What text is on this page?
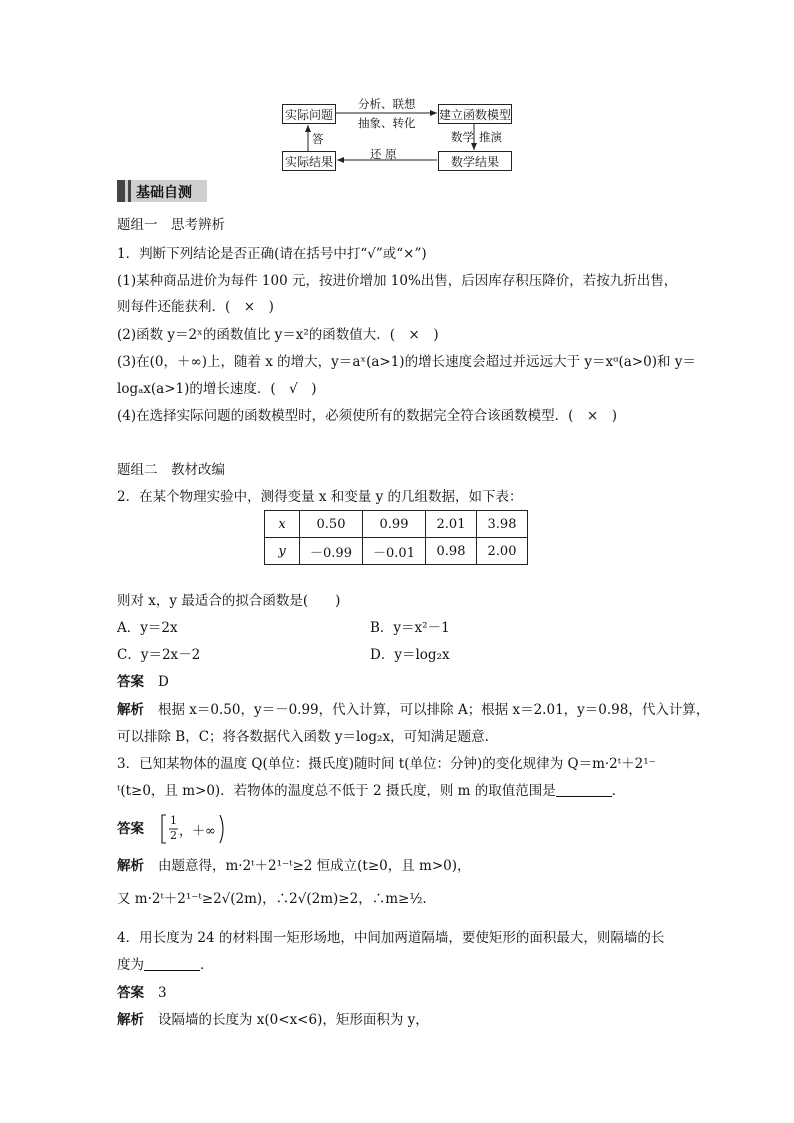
实际问题	建立函数模型
实际结果	数学结果
分析、联想
抽象、转化
数学 推演
答
还 原
基础自测
题组一　思考辨析
1．判断下列结论是否正确(请在括号中打“√”或“×”)
(1)某种商品进价为每件 100 元，按进价增加 10%出售，后因库存积压降价，若按九折出售，
则每件还能获利．(　×　)
(2)函数 y＝2ˣ的函数值比 y＝x²的函数值大．(　×　)
(3)在(0，＋∞)上，随着 x 的增大，y＝aˣ(a>1)的增长速度会超过并远远大于 y＝xᵅ(a>0)和 y＝
logₐx(a>1)的增长速度．(　√　)
(4)在选择实际问题的函数模型时，必须使所有的数据完全符合该函数模型．(　×　)
题组二　教材改编
2．在某个物理实验中，测得变量 x 和变量 y 的几组数据，如下表：
x	0.50	0.99	2.01	3.98
y	－0.99	－0.01	0.98	2.00
则对 x，y 最适合的拟合函数是(　　)
A．y＝2x	B．y＝x²－1
C．y＝2x－2	D．y＝log₂x
答案 D
解析 根据 x＝0.50，y＝－0.99，代入计算，可以排除 A；根据 x＝2.01，y＝0.98，代入计算，
可以排除 B，C；将各数据代入函数 y＝log₂x，可知满足题意.
3．已知某物体的温度 Q(单位：摄氏度)随时间 t(单位：分钟)的变化规律为 Q＝m·2ᵗ＋2¹⁻
ᵗ(t≥0，且 m>0)．若物体的温度总不低于 2 摄氏度，则 m 的取值范围是	．
答案
1
2 ，＋∞
解析 由题意得，m·2ᵗ＋2¹⁻ᵗ≥2 恒成立(t≥0，且 m>0)，
又 m·2ᵗ＋2¹⁻ᵗ≥2√(2m)，∴2√(2m)≥2，∴m≥½.
4．用长度为 24 的材料围一矩形场地，中间加两道隔墙，要使矩形的面积最大，则隔墙的长
度为	．
答案 3
解析 设隔墙的长度为 x(0<x<6)，矩形面积为 y，
